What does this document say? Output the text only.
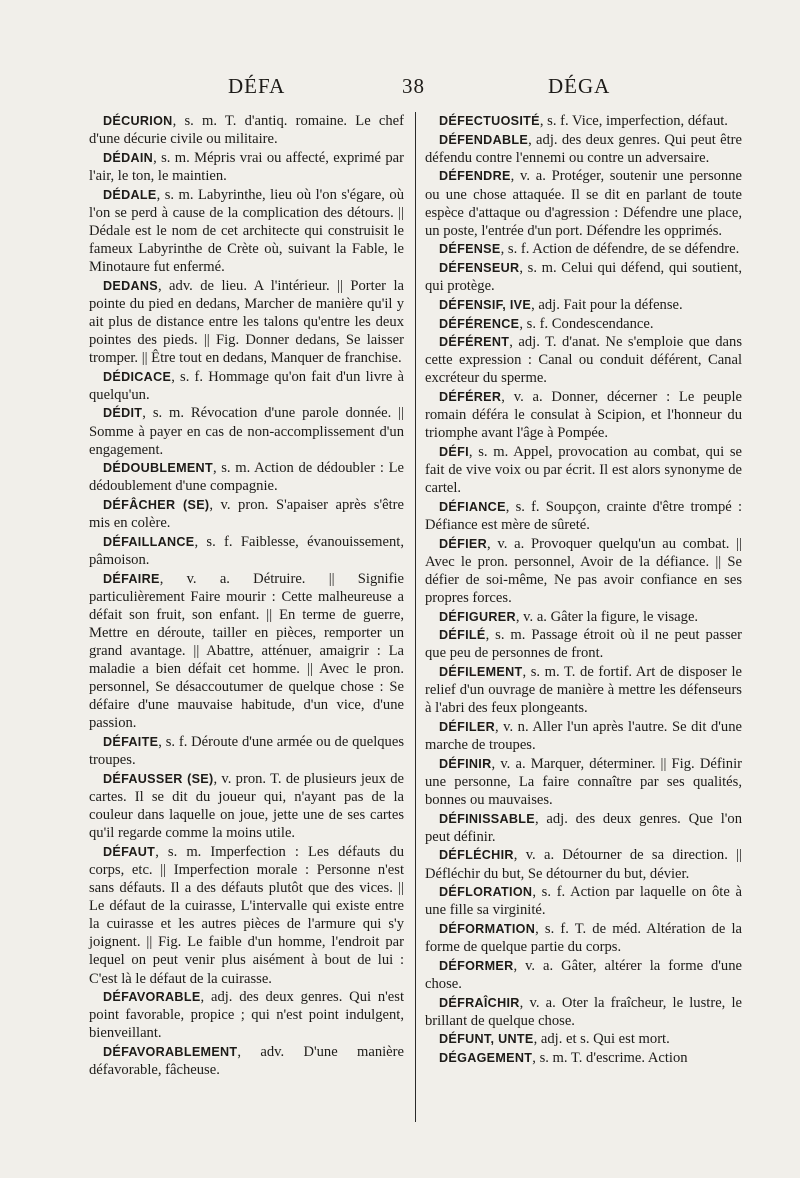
DÉFA	38	DÉGA

DÉCURION, s. m. T. d'antiq. romaine. Le chef d'une décurie civile ou militaire.

DÉDAIN, s. m. Mépris vrai ou affecté, exprimé par l'air, le ton, le maintien.

DÉDALE, s. m. Labyrinthe, lieu où l'on s'égare, où l'on se perd à cause de la complication des détours. || Dédale est le nom de cet architecte qui construisit le fameux Labyrinthe de Crète où, suivant la Fable, le Minotaure fut enfermé.

DEDANS, adv. de lieu. A l'intérieur. || Porter la pointe du pied en dedans, Marcher de manière qu'il y ait plus de distance entre les talons qu'entre les deux pointes des pieds. || Fig. Donner dedans, Se laisser tromper. || Être tout en dedans, Manquer de franchise.

DÉDICACE, s. f. Hommage qu'on fait d'un livre à quelqu'un.

DÉDIT, s. m. Révocation d'une parole donnée. || Somme à payer en cas de non-accomplissement d'un engagement.

DÉDOUBLEMENT, s. m. Action de dédoubler : Le dédoublement d'une compagnie.

DÉFÂCHER (SE), v. pron. S'apaiser après s'être mis en colère.

DÉFAILLANCE, s. f. Faiblesse, évanouissement, pâmoison.

DÉFAIRE, v. a. Détruire. || Signifie particulièrement Faire mourir : Cette malheureuse a défait son fruit, son enfant. || En terme de guerre, Mettre en déroute, tailler en pièces, remporter un grand avantage. || Abattre, atténuer, amaigrir : La maladie a bien défait cet homme. || Avec le pron. personnel, Se désaccoutumer de quelque chose : Se défaire d'une mauvaise habitude, d'un vice, d'une passion.

DÉFAITE, s. f. Déroute d'une armée ou de quelques troupes.

DÉFAUSSER (SE), v. pron. T. de plusieurs jeux de cartes. Il se dit du joueur qui, n'ayant pas de la couleur dans laquelle on joue, jette une de ses cartes qu'il regarde comme la moins utile.

DÉFAUT, s. m. Imperfection : Les défauts du corps, etc. || Imperfection morale : Personne n'est sans défauts. Il a des défauts plutôt que des vices. || Le défaut de la cuirasse, L'intervalle qui existe entre la cuirasse et les autres pièces de l'armure qui s'y joignent. || Fig. Le faible d'un homme, l'endroit par lequel on peut venir plus aisément à bout de lui : C'est là le défaut de la cuirasse.

DÉFAVORABLE, adj. des deux genres. Qui n'est point favorable, propice ; qui n'est point indulgent, bienveillant.

DÉFAVORABLEMENT, adv. D'une manière défavorable, fâcheuse.

DÉFECTUOSITÉ, s. f. Vice, imperfection, défaut.

DÉFENDABLE, adj. des deux genres. Qui peut être défendu contre l'ennemi ou contre un adversaire.

DÉFENDRE, v. a. Protéger, soutenir une personne ou une chose attaquée. Il se dit en parlant de toute espèce d'attaque ou d'agression : Défendre une place, un poste, l'entrée d'un port. Défendre les opprimés.

DÉFENSE, s. f. Action de défendre, de se défendre.

DÉFENSEUR, s. m. Celui qui défend, qui soutient, qui protège.

DÉFENSIF, IVE, adj. Fait pour la défense.

DÉFÉRENCE, s. f. Condescendance.

DÉFÉRENT, adj. T. d'anat. Ne s'emploie que dans cette expression : Canal ou conduit déférent, Canal excréteur du sperme.

DÉFÉRER, v. a. Donner, décerner : Le peuple romain déféra le consulat à Scipion, et l'honneur du triomphe avant l'âge à Pompée.

DÉFI, s. m. Appel, provocation au combat, qui se fait de vive voix ou par écrit. Il est alors synonyme de cartel.

DÉFIANCE, s. f. Soupçon, crainte d'être trompé : Défiance est mère de sûreté.

DÉFIER, v. a. Provoquer quelqu'un au combat. || Avec le pron. personnel, Avoir de la défiance. || Se défier de soi-même, Ne pas avoir confiance en ses propres forces.

DÉFIGURER, v. a. Gâter la figure, le visage.

DÉFILÉ, s. m. Passage étroit où il ne peut passer que peu de personnes de front.

DÉFILEMENT, s. m. T. de fortif. Art de disposer le relief d'un ouvrage de manière à mettre les défenseurs à l'abri des feux plongeants.

DÉFILER, v. n. Aller l'un après l'autre. Se dit d'une marche de troupes.

DÉFINIR, v. a. Marquer, déterminer. || Fig. Définir une personne, La faire connaître par ses qualités, bonnes ou mauvaises.

DÉFINISSABLE, adj. des deux genres. Que l'on peut définir.

DÉFLÉCHIR, v. a. Détourner de sa direction. || Défléchir du but, Se détourner du but, dévier.

DÉFLORATION, s. f. Action par laquelle on ôte à une fille sa virginité.

DÉFORMATION, s. f. T. de méd. Altération de la forme de quelque partie du corps.

DÉFORMER, v. a. Gâter, altérer la forme d'une chose.

DÉFRAÎCHIR, v. a. Oter la fraîcheur, le lustre, le brillant de quelque chose.

DÉFUNT, UNTE, adj. et s. Qui est mort.

DÉGAGEMENT, s. m. T. d'escrime. Action
